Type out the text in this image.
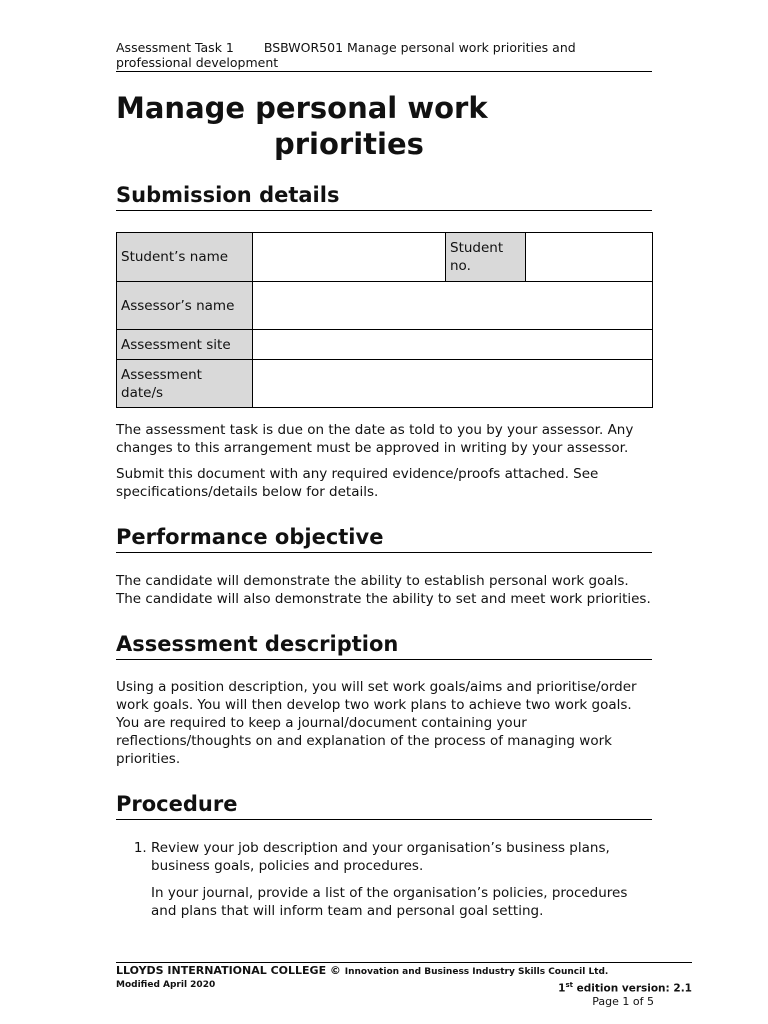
Assessment Task 1 BSBWOR501 Manage personal work priorities and professional development
Manage personal work
priorities
Submission details
Student’s name		Student no.	
Assessor’s name			
Assessment site			
Assessment date/s			

The assessment task is due on the date as told to you by your assessor. Any changes to this arrangement must be approved in writing by your assessor.

Submit this document with any required evidence/proofs attached. See specifications/details below for details.

Performance objective

The candidate will demonstrate the ability to establish personal work goals. The candidate will also demonstrate the ability to set and meet work priorities.

Assessment description

Using a position description, you will set work goals/aims and prioritise/order work goals. You will then develop two work plans to achieve two work goals. You are required to keep a journal/document containing your reflections/thoughts on and explanation of the process of managing work priorities.

Procedure

1. Review your job description and your organisation’s business plans, business goals, policies and procedures.

In your journal, provide a list of the organisation’s policies, procedures and plans that will inform team and personal goal setting.

LLOYDS INTERNATIONAL COLLEGE © Innovation and Business Industry Skills Council Ltd.
Modified April 2020	1st edition version: 2.1
Page 1 of 5
